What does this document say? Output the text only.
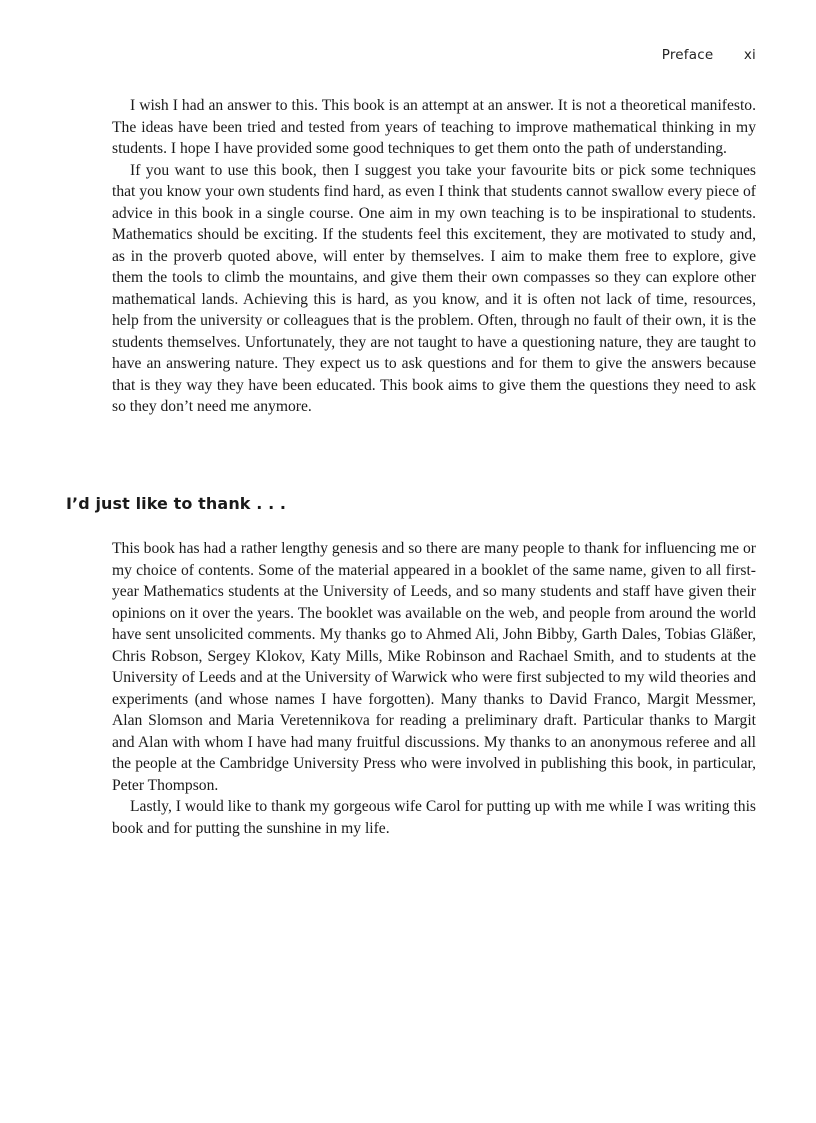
Preface xi

I wish I had an answer to this. This book is an attempt at an answer. It is not a theoretical manifesto. The ideas have been tried and tested from years of teaching to improve mathematical thinking in my students. I hope I have provided some good techniques to get them onto the path of understanding.

If you want to use this book, then I suggest you take your favourite bits or pick some techniques that you know your own students find hard, as even I think that students cannot swallow every piece of advice in this book in a single course. One aim in my own teaching is to be inspirational to students. Mathematics should be exciting. If the students feel this excitement, they are motivated to study and, as in the proverb quoted above, will enter by themselves. I aim to make them free to explore, give them the tools to climb the mountains, and give them their own compasses so they can explore other mathematical lands. Achieving this is hard, as you know, and it is often not lack of time, resources, help from the university or colleagues that is the problem. Often, through no fault of their own, it is the students themselves. Unfortunately, they are not taught to have a questioning nature, they are taught to have an answering nature. They expect us to ask questions and for them to give the answers because that is they way they have been educated. This book aims to give them the questions they need to ask so they don’t need me anymore.

I’d just like to thank . . .

This book has had a rather lengthy genesis and so there are many people to thank for influencing me or my choice of contents. Some of the material appeared in a booklet of the same name, given to all first-year Mathematics students at the University of Leeds, and so many students and staff have given their opinions on it over the years. The booklet was available on the web, and people from around the world have sent unsolicited comments. My thanks go to Ahmed Ali, John Bibby, Garth Dales, Tobias Gläßer, Chris Robson, Sergey Klokov, Katy Mills, Mike Robinson and Rachael Smith, and to students at the University of Leeds and at the University of Warwick who were first subjected to my wild theories and experiments (and whose names I have forgotten). Many thanks to David Franco, Margit Messmer, Alan Slomson and Maria Veretennikova for reading a preliminary draft. Particular thanks to Margit and Alan with whom I have had many fruitful discussions. My thanks to an anonymous referee and all the people at the Cambridge University Press who were involved in publishing this book, in particular, Peter Thompson.

Lastly, I would like to thank my gorgeous wife Carol for putting up with me while I was writing this book and for putting the sunshine in my life.
